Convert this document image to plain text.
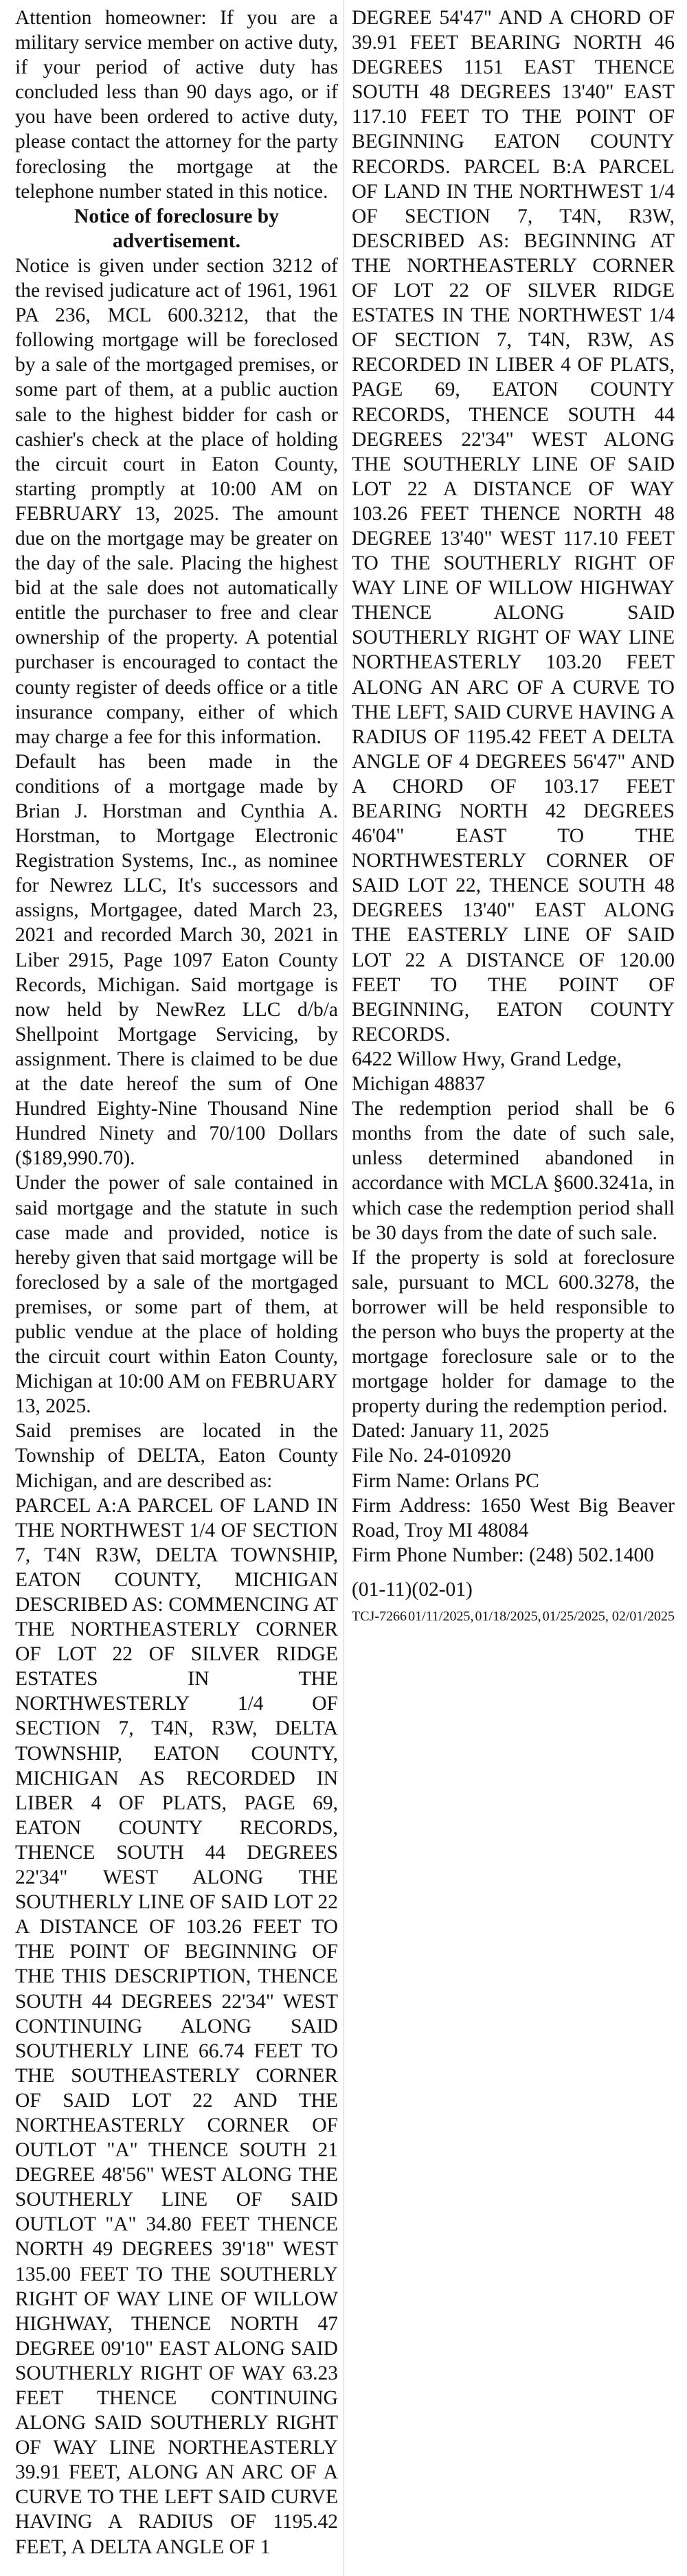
Attention homeowner: If you are a military service member on active duty, if your period of active duty has concluded less than 90 days ago, or if you have been ordered to active duty, please contact the attorney for the party foreclosing the mortgage at the telephone number stated in this notice.

Notice of foreclosure by advertisement.

Notice is given under section 3212 of the revised judicature act of 1961, 1961 PA 236, MCL 600.3212, that the following mortgage will be foreclosed by a sale of the mortgaged premises, or some part of them, at a public auction sale to the highest bidder for cash or cashier's check at the place of holding the circuit court in Eaton County, starting promptly at 10:00 AM on FEBRUARY 13, 2025. The amount due on the mortgage may be greater on the day of the sale. Placing the highest bid at the sale does not automatically entitle the purchaser to free and clear ownership of the property. A potential purchaser is encouraged to contact the county register of deeds office or a title insurance company, either of which may charge a fee for this information.

Default has been made in the conditions of a mortgage made by Brian J. Horstman and Cynthia A. Horstman, to Mortgage Electronic Registration Systems, Inc., as nominee for Newrez LLC, It's successors and assigns, Mortgagee, dated March 23, 2021 and recorded March 30, 2021 in Liber 2915, Page 1097 Eaton County Records, Michigan. Said mortgage is now held by NewRez LLC d/b/a Shellpoint Mortgage Servicing, by assignment. There is claimed to be due at the date hereof the sum of One Hundred Eighty-Nine Thousand Nine Hundred Ninety and 70/100 Dollars ($189,990.70).

Under the power of sale contained in said mortgage and the statute in such case made and provided, notice is hereby given that said mortgage will be foreclosed by a sale of the mortgaged premises, or some part of them, at public vendue at the place of holding the circuit court within Eaton County, Michigan at 10:00 AM on FEBRUARY 13, 2025.

Said premises are located in the Township of DELTA, Eaton County Michigan, and are described as:

PARCEL A:A PARCEL OF LAND IN THE NORTHWEST 1/4 OF SECTION 7, T4N R3W, DELTA TOWNSHIP, EATON COUNTY, MICHIGAN DESCRIBED AS: COMMENCING AT THE NORTHEASTERLY CORNER OF LOT 22 OF SILVER RIDGE ESTATES IN THE NORTHWESTERLY 1/4 OF SECTION 7, T4N, R3W, DELTA TOWNSHIP, EATON COUNTY, MICHIGAN AS RECORDED IN LIBER 4 OF PLATS, PAGE 69, EATON COUNTY RECORDS, THENCE SOUTH 44 DEGREES 22'34" WEST ALONG THE SOUTHERLY LINE OF SAID LOT 22 A DISTANCE OF 103.26 FEET TO THE POINT OF BEGINNING OF THE THIS DESCRIPTION, THENCE SOUTH 44 DEGREES 22'34" WEST CONTINUING ALONG SAID SOUTHERLY LINE 66.74 FEET TO THE SOUTHEASTERLY CORNER OF SAID LOT 22 AND THE NORTHEASTERLY CORNER OF OUTLOT "A" THENCE SOUTH 21 DEGREE 48'56" WEST ALONG THE SOUTHERLY LINE OF SAID OUTLOT "A" 34.80 FEET THENCE NORTH 49 DEGREES 39'18" WEST 135.00 FEET TO THE SOUTHERLY RIGHT OF WAY LINE OF WILLOW HIGHWAY, THENCE NORTH 47 DEGREE 09'10" EAST ALONG SAID SOUTHERLY RIGHT OF WAY 63.23 FEET THENCE CONTINUING ALONG SAID SOUTHERLY RIGHT OF WAY LINE NORTHEASTERLY 39.91 FEET, ALONG AN ARC OF A CURVE TO THE LEFT SAID CURVE HAVING A RADIUS OF 1195.42 FEET, A DELTA ANGLE OF 1

DEGREE 54'47" AND A CHORD OF 39.91 FEET BEARING NORTH 46 DEGREES 1151 EAST THENCE SOUTH 48 DEGREES 13'40" EAST 117.10 FEET TO THE POINT OF BEGINNING EATON COUNTY RECORDS. PARCEL B:A PARCEL OF LAND IN THE NORTHWEST 1/4 OF SECTION 7, T4N, R3W, DESCRIBED AS: BEGINNING AT THE NORTHEASTERLY CORNER OF LOT 22 OF SILVER RIDGE ESTATES IN THE NORTHWEST 1/4 OF SECTION 7, T4N, R3W, AS RECORDED IN LIBER 4 OF PLATS, PAGE 69, EATON COUNTY RECORDS, THENCE SOUTH 44 DEGREES 22'34" WEST ALONG THE SOUTHERLY LINE OF SAID LOT 22 A DISTANCE OF WAY 103.26 FEET THENCE NORTH 48 DEGREE 13'40" WEST 117.10 FEET TO THE SOUTHERLY RIGHT OF WAY LINE OF WILLOW HIGHWAY THENCE ALONG SAID SOUTHERLY RIGHT OF WAY LINE NORTHEASTERLY 103.20 FEET ALONG AN ARC OF A CURVE TO THE LEFT, SAID CURVE HAVING A RADIUS OF 1195.42 FEET A DELTA ANGLE OF 4 DEGREES 56'47" AND A CHORD OF 103.17 FEET BEARING NORTH 42 DEGREES 46'04" EAST TO THE NORTHWESTERLY CORNER OF SAID LOT 22, THENCE SOUTH 48 DEGREES 13'40" EAST ALONG THE EASTERLY LINE OF SAID LOT 22 A DISTANCE OF 120.00 FEET TO THE POINT OF BEGINNING, EATON COUNTY RECORDS.

6422 Willow Hwy, Grand Ledge,

Michigan 48837

The redemption period shall be 6 months from the date of such sale, unless determined abandoned in accordance with MCLA §600.3241a, in which case the redemption period shall be 30 days from the date of such sale.

If the property is sold at foreclosure sale, pursuant to MCL 600.3278, the borrower will be held responsible to the person who buys the property at the mortgage foreclosure sale or to the mortgage holder for damage to the property during the redemption period.

Dated: January 11, 2025

File No. 24-010920

Firm Name: Orlans PC

Firm Address: 1650 West Big Beaver Road, Troy MI 48084

Firm Phone Number: (248) 502.1400

(01-11)(02-01)

TCJ-7266 01/11/2025, 01/18/2025, 01/25/2025, 02/01/2025
